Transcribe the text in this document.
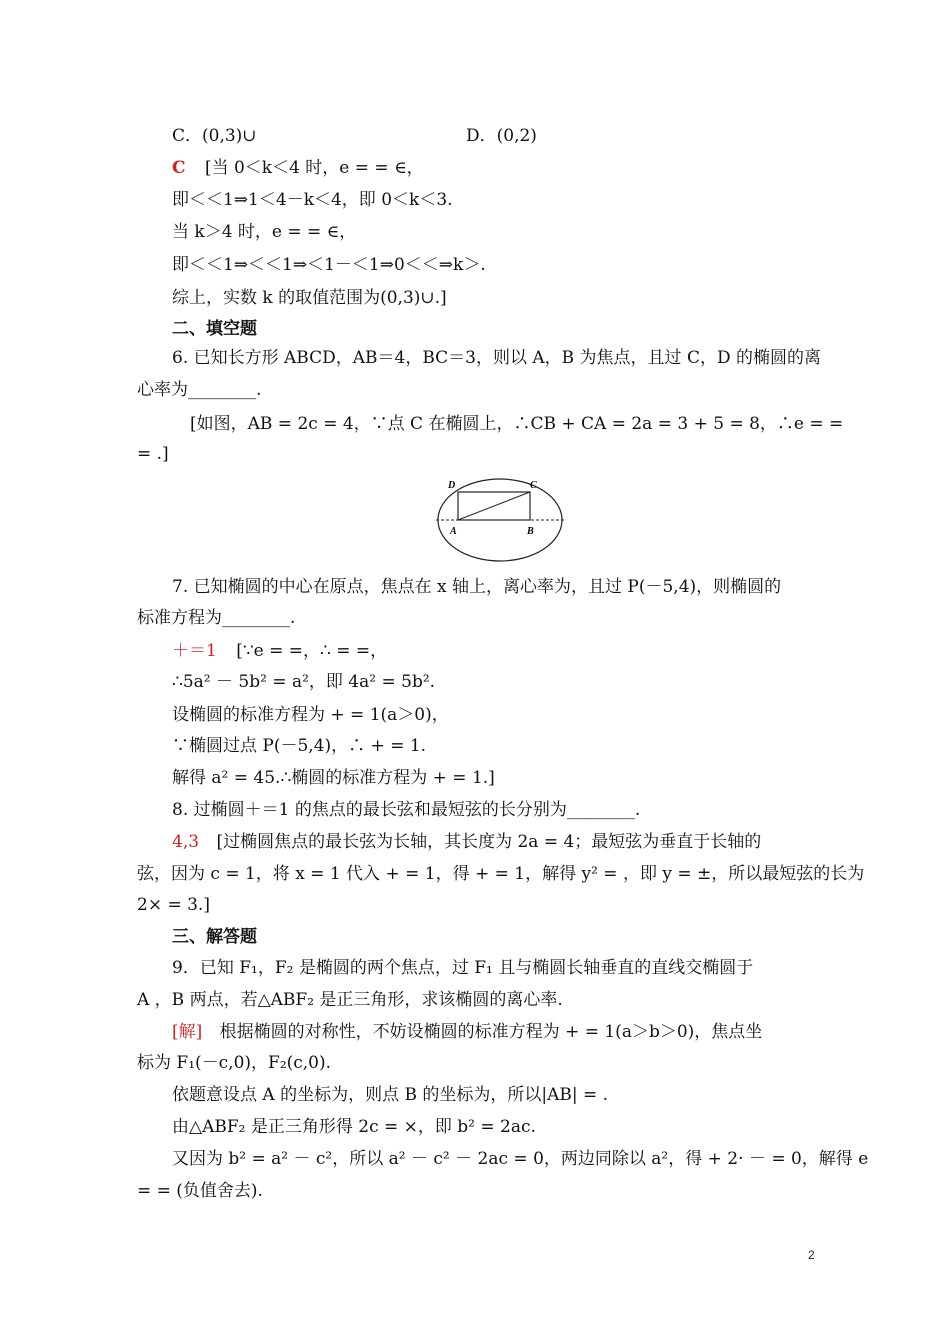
C．(0,3)∪	D．(0,2)
C [当 0＜k＜4 时，e = = ∈，
即＜＜1⇒1＜4－k＜4，即 0＜k＜3.
当 k＞4 时，e = = ∈，
即＜＜1⇒＜＜1⇒＜1－＜1⇒0＜＜⇒k＞.
综上，实数 k 的取值范围为(0,3)∪.]
二、填空题
6. 已知长方形 ABCD，AB＝4，BC＝3，则以 A，B 为焦点，且过 C，D 的椭圆的离
心率为________.
[如图，AB = 2c = 4，∵点 C 在椭圆上，∴CB + CA = 2a = 3 + 5 = 8，∴e = =
= .]
D	C
A	B
7. 已知椭圆的中心在原点，焦点在 x 轴上，离心率为，且过 P(－5,4)，则椭圆的
标准方程为________.
＋＝1 [∵e = =，∴ = =，
∴5a² － 5b² = a²，即 4a² = 5b².
设椭圆的标准方程为 + = 1(a＞0)，
∵椭圆过点 P(－5,4)，∴ + = 1.
解得 a² = 45.∴椭圆的标准方程为 + = 1.]
8. 过椭圆＋＝1 的焦点的最长弦和最短弦的长分别为________.
4,3 [过椭圆焦点的最长弦为长轴，其长度为 2a = 4；最短弦为垂直于长轴的
弦，因为 c = 1，将 x = 1 代入 + = 1，得 + = 1，解得 y² = ，即 y = ±，所以最短弦的长为
2× = 3.]
三、解答题
9．已知 F₁，F₂ 是椭圆的两个焦点，过 F₁ 且与椭圆长轴垂直的直线交椭圆于
A ，B 两点，若△ABF₂ 是正三角形，求该椭圆的离心率.
[解] 根据椭圆的对称性，不妨设椭圆的标准方程为 + = 1(a＞b＞0)，焦点坐
标为 F₁(－c,0)，F₂(c,0).
依题意设点 A 的坐标为，则点 B 的坐标为，所以|AB| = .
由△ABF₂ 是正三角形得 2c = ×，即 b² = 2ac.
又因为 b² = a² － c²，所以 a² － c² － 2ac = 0，两边同除以 a²，得 + 2· － = 0，解得 e
= = (负值舍去).
2
